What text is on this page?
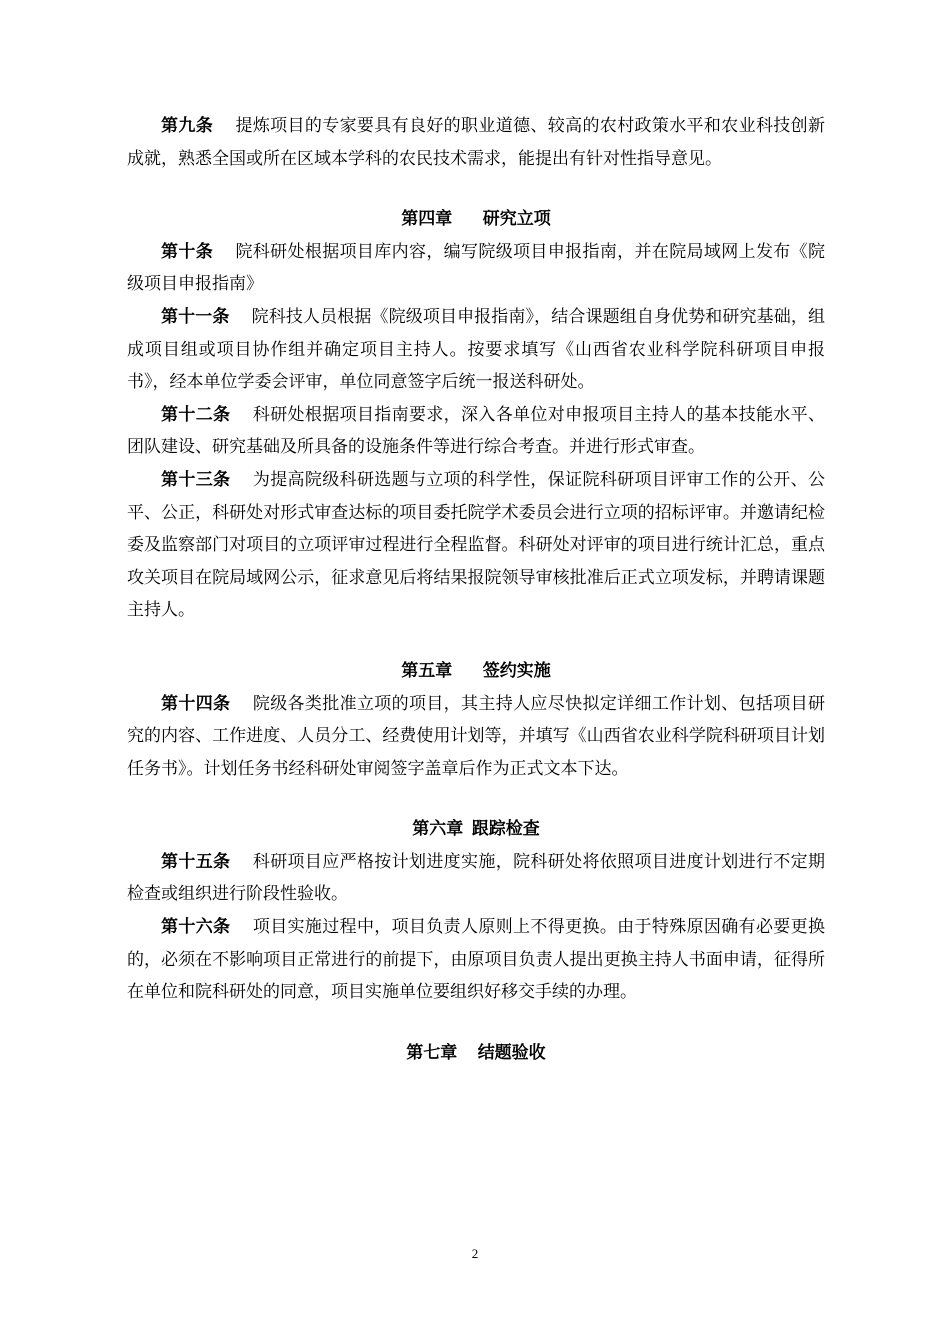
第九条 提炼项目的专家要具有良好的职业道德、较高的农村政策水平和农业科技创新成就，熟悉全国或所在区域本学科的农民技术需求，能提出有针对性指导意见。

第四章 研究立项

第十条 院科研处根据项目库内容，编写院级项目申报指南，并在院局域网上发布《院级项目申报指南》

第十一条 院科技人员根据《院级项目申报指南》，结合课题组自身优势和研究基础，组成项目组或项目协作组并确定项目主持人。按要求填写《山西省农业科学院科研项目申报书》，经本单位学委会评审，单位同意签字后统一报送科研处。

第十二条 科研处根据项目指南要求，深入各单位对申报项目主持人的基本技能水平、团队建设、研究基础及所具备的设施条件等进行综合考查。并进行形式审查。

第十三条 为提高院级科研选题与立项的科学性，保证院科研项目评审工作的公开、公平、公正，科研处对形式审查达标的项目委托院学术委员会进行立项的招标评审。并邀请纪检委及监察部门对项目的立项评审过程进行全程监督。科研处对评审的项目进行统计汇总，重点攻关项目在院局域网公示，征求意见后将结果报院领导审核批准后正式立项发标，并聘请课题主持人。

第五章 签约实施

第十四条 院级各类批准立项的项目，其主持人应尽快拟定详细工作计划、包括项目研究的内容、工作进度、人员分工、经费使用计划等，并填写《山西省农业科学院科研项目计划任务书》。计划任务书经科研处审阅签字盖章后作为正式文本下达。

第六章 跟踪检查

第十五条 科研项目应严格按计划进度实施，院科研处将依照项目进度计划进行不定期检查或组织进行阶段性验收。

第十六条 项目实施过程中，项目负责人原则上不得更换。由于特殊原因确有必要更换的，必须在不影响项目正常进行的前提下，由原项目负责人提出更换主持人书面申请，征得所在单位和院科研处的同意，项目实施单位要组织好移交手续的办理。

第七章 结题验收

2
